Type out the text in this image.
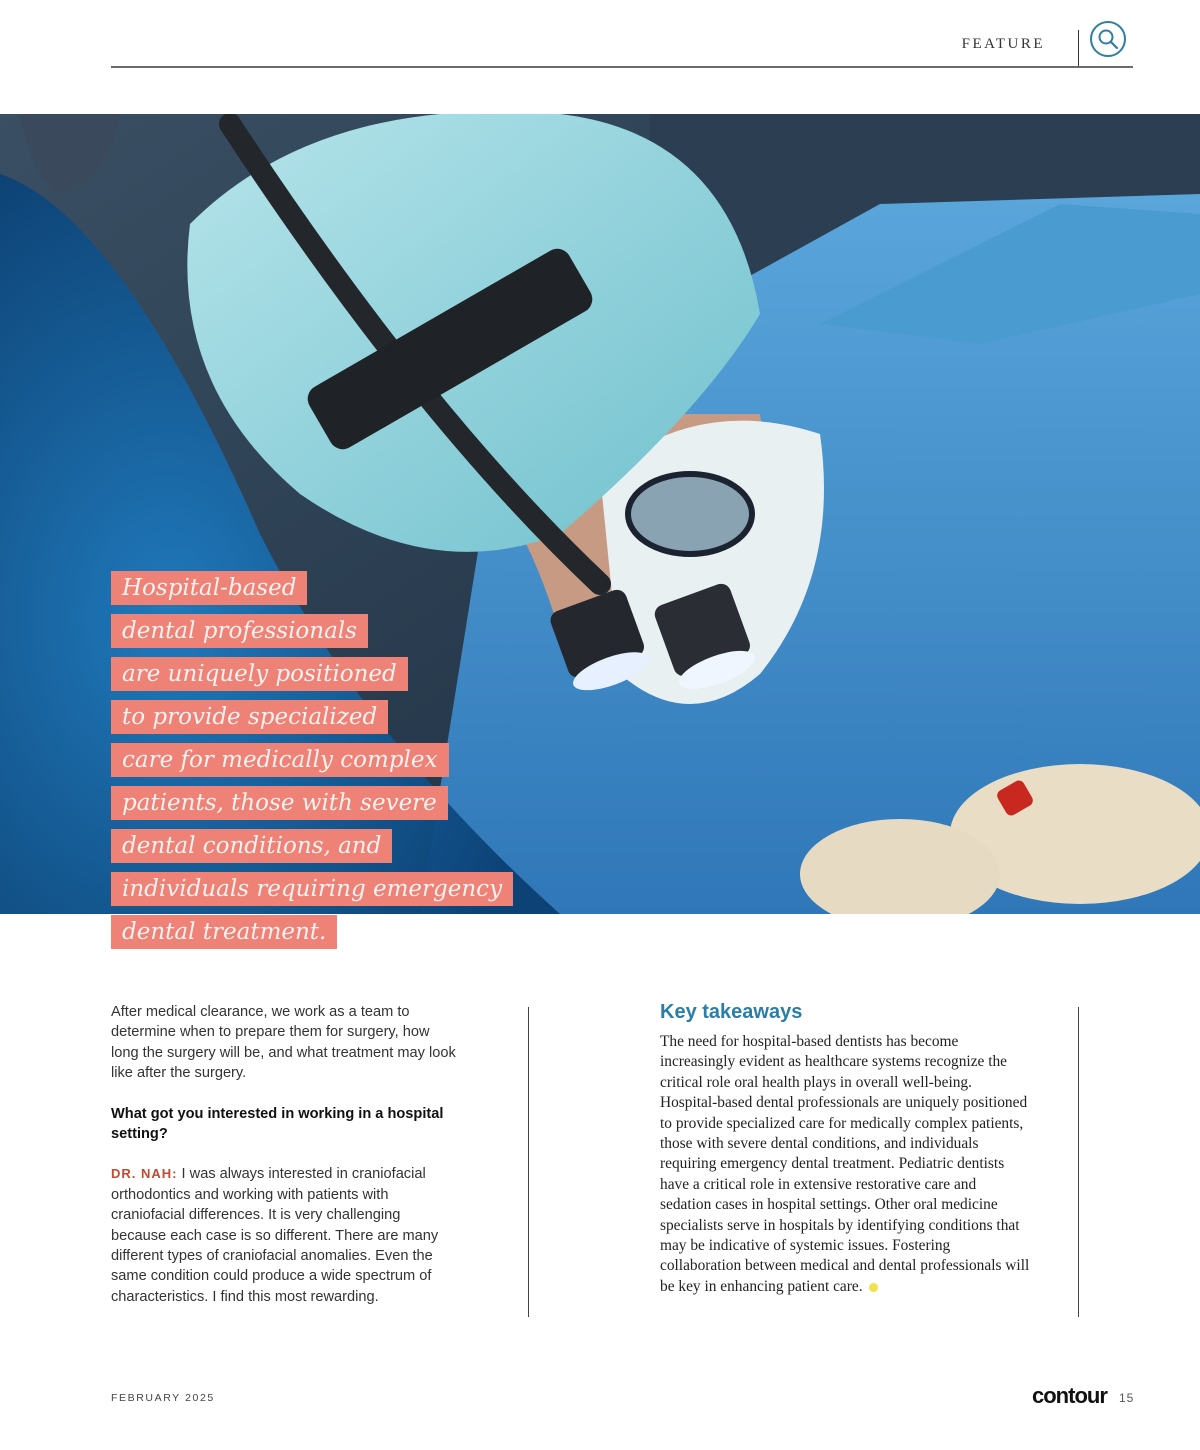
FEATURE
Hospital-based
dental professionals
are uniquely positioned
to provide specialized
care for medically complex
patients, those with severe
dental conditions, and
individuals requiring emergency
dental treatment.

After medical clearance, we work as a team to determine when to prepare them for surgery, how long the surgery will be, and what treatment may look like after the surgery.

What got you interested in working in a hospital setting?

DR. NAH: I was always interested in craniofacial orthodontics and working with patients with craniofacial differences. It is very challenging because each case is so different. There are many different types of craniofacial anomalies. Even the same condition could produce a wide spectrum of characteristics. I find this most rewarding.

Key takeaways
The need for hospital-based dentists has become increasingly evident as healthcare systems recognize the critical role oral health plays in overall well-being. Hospital-based dental professionals are uniquely positioned to provide specialized care for medically complex patients, those with severe dental conditions, and individuals requiring emergency dental treatment. Pediatric dentists have a critical role in extensive restorative care and sedation cases in hospital settings. Other oral medicine specialists serve in hospitals by identifying conditions that may be indicative of systemic issues. Fostering collaboration between medical and dental professionals will be key in enhancing patient care.
FEBRUARY 2025	contour 15
